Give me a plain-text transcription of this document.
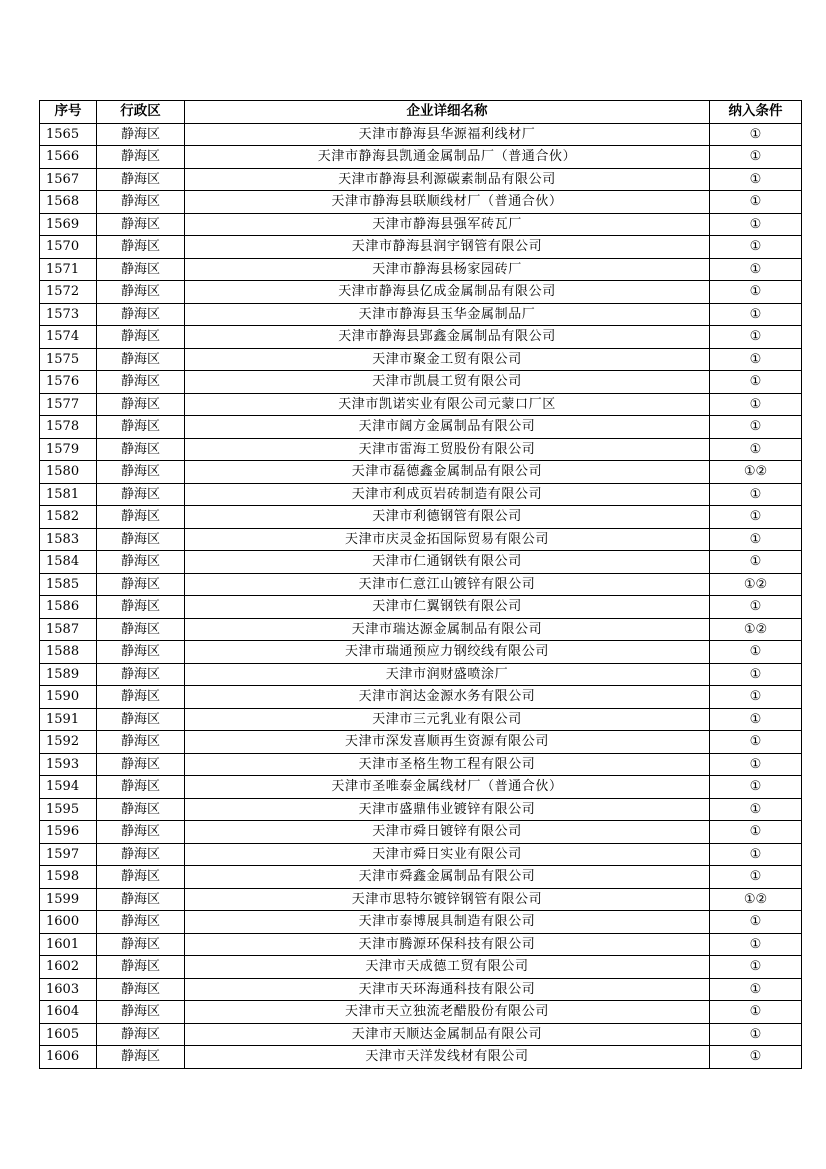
序号	行政区	企业详细名称	纳入条件
1565	静海区	天津市静海县华源福利线材厂	①
1566	静海区	天津市静海县凯通金属制品厂（普通合伙）	①
1567	静海区	天津市静海县利源碳素制品有限公司	①
1568	静海区	天津市静海县联顺线材厂（普通合伙）	①
1569	静海区	天津市静海县强军砖瓦厂	①
1570	静海区	天津市静海县润宇钢管有限公司	①
1571	静海区	天津市静海县杨家园砖厂	①
1572	静海区	天津市静海县亿成金属制品有限公司	①
1573	静海区	天津市静海县玉华金属制品厂	①
1574	静海区	天津市静海县郢鑫金属制品有限公司	①
1575	静海区	天津市聚金工贸有限公司	①
1576	静海区	天津市凯晨工贸有限公司	①
1577	静海区	天津市凯诺实业有限公司元蒙口厂区	①
1578	静海区	天津市阔方金属制品有限公司	①
1579	静海区	天津市雷海工贸股份有限公司	①
1580	静海区	天津市磊德鑫金属制品有限公司	①②
1581	静海区	天津市利成页岩砖制造有限公司	①
1582	静海区	天津市利德钢管有限公司	①
1583	静海区	天津市庆灵金拓国际贸易有限公司	①
1584	静海区	天津市仁通钢铁有限公司	①
1585	静海区	天津市仁意江山镀锌有限公司	①②
1586	静海区	天津市仁翼钢铁有限公司	①
1587	静海区	天津市瑞达源金属制品有限公司	①②
1588	静海区	天津市瑞通预应力钢绞线有限公司	①
1589	静海区	天津市润财盛喷涂厂	①
1590	静海区	天津市润达金源水务有限公司	①
1591	静海区	天津市三元乳业有限公司	①
1592	静海区	天津市深发喜顺再生资源有限公司	①
1593	静海区	天津市圣格生物工程有限公司	①
1594	静海区	天津市圣唯泰金属线材厂（普通合伙）	①
1595	静海区	天津市盛鼎伟业镀锌有限公司	①
1596	静海区	天津市舜日镀锌有限公司	①
1597	静海区	天津市舜日实业有限公司	①
1598	静海区	天津市舜鑫金属制品有限公司	①
1599	静海区	天津市思特尔镀锌钢管有限公司	①②
1600	静海区	天津市泰博展具制造有限公司	①
1601	静海区	天津市腾源环保科技有限公司	①
1602	静海区	天津市天成德工贸有限公司	①
1603	静海区	天津市天环海通科技有限公司	①
1604	静海区	天津市天立独流老醋股份有限公司	①
1605	静海区	天津市天顺达金属制品有限公司	①
1606	静海区	天津市天洋发线材有限公司	①
